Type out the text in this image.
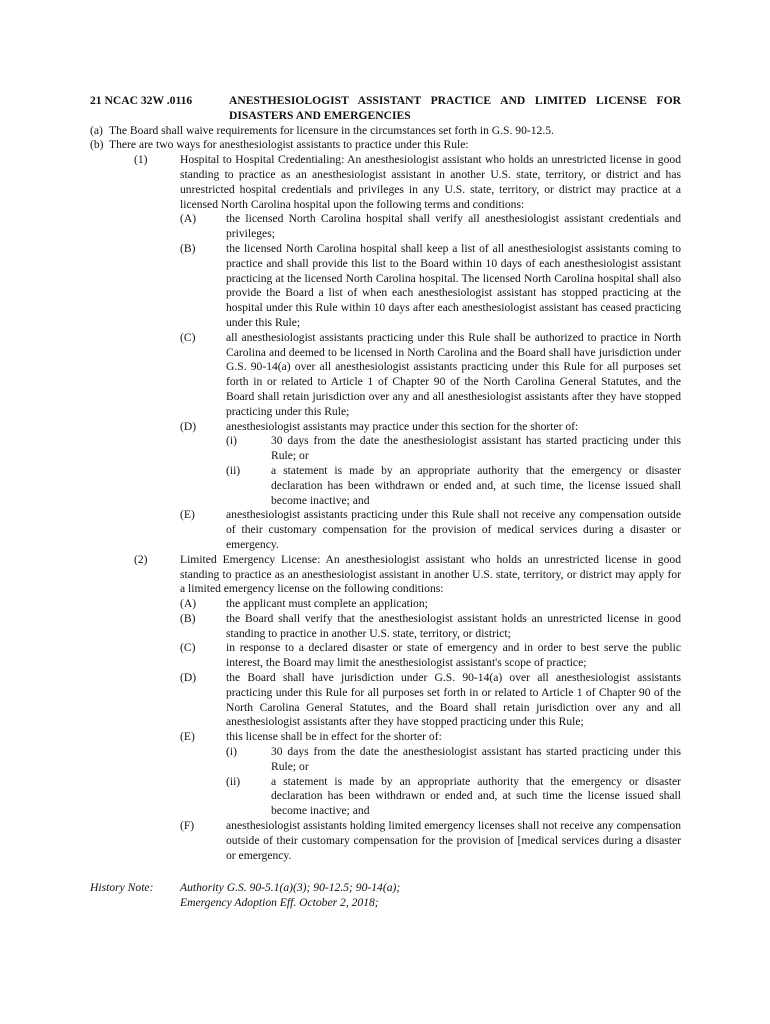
21 NCAC 32W .0116	ANESTHESIOLOGIST ASSISTANT PRACTICE AND LIMITED LICENSE FOR DISASTERS AND EMERGENCIES
(a) The Board shall waive requirements for licensure in the circumstances set forth in G.S. 90-12.5.
(b) There are two ways for anesthesiologist assistants to practice under this Rule:
(1)	Hospital to Hospital Credentialing: An anesthesiologist assistant who holds an unrestricted license in good standing to practice as an anesthesiologist assistant in another U.S. state, territory, or district and has unrestricted hospital credentials and privileges in any U.S. state, territory, or district may practice at a licensed North Carolina hospital upon the following terms and conditions:
(A)	the licensed North Carolina hospital shall verify all anesthesiologist assistant credentials and privileges;
(B)	the licensed North Carolina hospital shall keep a list of all anesthesiologist assistants coming to practice and shall provide this list to the Board within 10 days of each anesthesiologist assistant practicing at the licensed North Carolina hospital. The licensed North Carolina hospital shall also provide the Board a list of when each anesthesiologist assistant has stopped practicing at the hospital under this Rule within 10 days after each anesthesiologist assistant has ceased practicing under this Rule;
(C)	all anesthesiologist assistants practicing under this Rule shall be authorized to practice in North Carolina and deemed to be licensed in North Carolina and the Board shall have jurisdiction under G.S. 90-14(a) over all anesthesiologist assistants practicing under this Rule for all purposes set forth in or related to Article 1 of Chapter 90 of the North Carolina General Statutes, and the Board shall retain jurisdiction over any and all anesthesiologist assistants after they have stopped practicing under this Rule;
(D)	anesthesiologist assistants may practice under this section for the shorter of:
(i)	30 days from the date the anesthesiologist assistant has started practicing under this Rule; or
(ii)	a statement is made by an appropriate authority that the emergency or disaster declaration has been withdrawn or ended and, at such time, the license issued shall become inactive; and
(E)	anesthesiologist assistants practicing under this Rule shall not receive any compensation outside of their customary compensation for the provision of medical services during a disaster or emergency.
(2)	Limited Emergency License: An anesthesiologist assistant who holds an unrestricted license in good standing to practice as an anesthesiologist assistant in another U.S. state, territory, or district may apply for a limited emergency license on the following conditions:
(A)	the applicant must complete an application;
(B)	the Board shall verify that the anesthesiologist assistant holds an unrestricted license in good standing to practice in another U.S. state, territory, or district;
(C)	in response to a declared disaster or state of emergency and in order to best serve the public interest, the Board may limit the anesthesiologist assistant's scope of practice;
(D)	the Board shall have jurisdiction under G.S. 90-14(a) over all anesthesiologist assistants practicing under this Rule for all purposes set forth in or related to Article 1 of Chapter 90 of the North Carolina General Statutes, and the Board shall retain jurisdiction over any and all anesthesiologist assistants after they have stopped practicing under this Rule;
(E)	this license shall be in effect for the shorter of:
(i)	30 days from the date the anesthesiologist assistant has started practicing under this Rule; or
(ii)	a statement is made by an appropriate authority that the emergency or disaster declaration has been withdrawn or ended and, at such time the license issued shall become inactive; and
(F)	anesthesiologist assistants holding limited emergency licenses shall not receive any compensation outside of their customary compensation for the provision of [medical services during a disaster or emergency.
History Note:	Authority G.S. 90-5.1(a)(3); 90-12.5; 90-14(a);
Emergency Adoption Eff. October 2, 2018;
